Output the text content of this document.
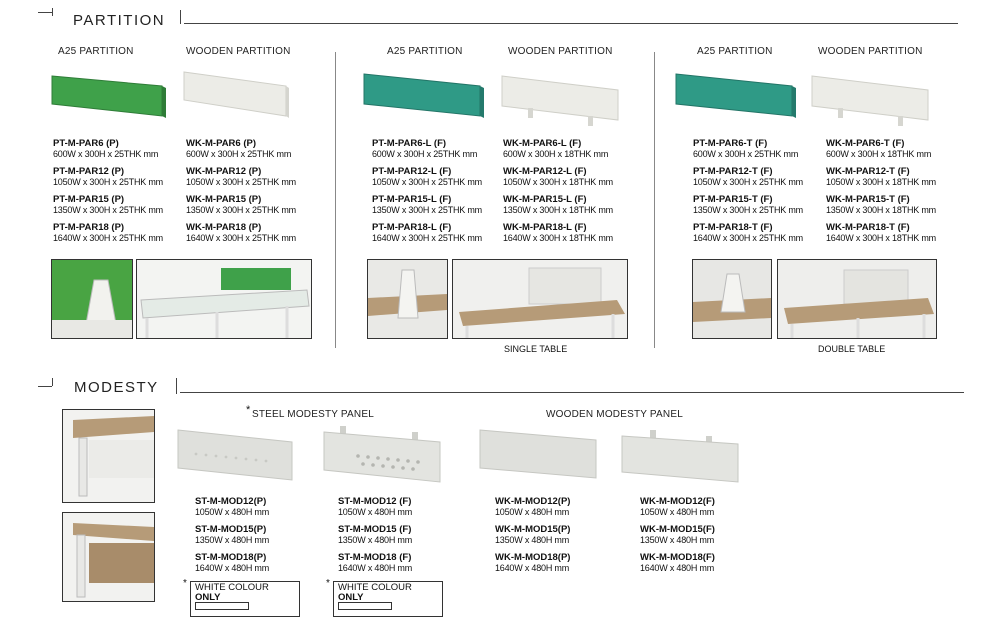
PARTITION
A25 PARTITION	WOODEN PARTITION
PT-M-PAR6 (P)
600W x 300H x 25THK mm
PT-M-PAR12 (P)
1050W x 300H x 25THK mm
PT-M-PAR15 (P)
1350W x 300H x 25THK mm
PT-M-PAR18 (P)
1640W x 300H x 25THK mm
WK-M-PAR6 (P)
600W x 300H x 25THK mm
WK-M-PAR12 (P)
1050W x 300H x 25THK mm
WK-M-PAR15 (P)
1350W x 300H x 25THK mm
WK-M-PAR18 (P)
1640W x 300H x 25THK mm
A25 PARTITION	WOODEN PARTITION
PT-M-PAR6-L (F)
600W x 300H x 25THK mm
PT-M-PAR12-L (F)
1050W x 300H x 25THK mm
PT-M-PAR15-L (F)
1350W x 300H x 25THK mm
PT-M-PAR18-L (F)
1640W x 300H x 25THK mm
WK-M-PAR6-L (F)
600W x 300H x 18THK mm
WK-M-PAR12-L (F)
1050W x 300H x 18THK mm
WK-M-PAR15-L (F)
1350W x 300H x 18THK mm
WK-M-PAR18-L (F)
1640W x 300H x 18THK mm
SINGLE TABLE
A25 PARTITION	WOODEN PARTITION
PT-M-PAR6-T (F)
600W x 300H x 25THK mm
PT-M-PAR12-T (F)
1050W x 300H x 25THK mm
PT-M-PAR15-T (F)
1350W x 300H x 25THK mm
PT-M-PAR18-T (F)
1640W x 300H x 25THK mm
WK-M-PAR6-T (F)
600W x 300H x 18THK mm
WK-M-PAR12-T (F)
1050W x 300H x 18THK mm
WK-M-PAR15-T (F)
1350W x 300H x 18THK mm
WK-M-PAR18-T (F)
1640W x 300H x 18THK mm
DOUBLE TABLE
MODESTY
* STEEL MODESTY PANEL	WOODEN MODESTY PANEL
ST-M-MOD12(P)
1050W x 480H mm
ST-M-MOD15(P)
1350W x 480H mm
ST-M-MOD18(P)
1640W x 480H mm
ST-M-MOD12 (F)
1050W x 480H mm
ST-M-MOD15 (F)
1350W x 480H mm
ST-M-MOD18 (F)
1640W x 480H mm
WK-M-MOD12(P)
1050W x 480H mm
WK-M-MOD15(P)
1350W x 480H mm
WK-M-MOD18(P)
1640W x 480H mm
WK-M-MOD12(F)
1050W x 480H mm
WK-M-MOD15(F)
1350W x 480H mm
WK-M-MOD18(F)
1640W x 480H mm
* WHITE COLOUR
ONLY
* WHITE COLOUR
ONLY
